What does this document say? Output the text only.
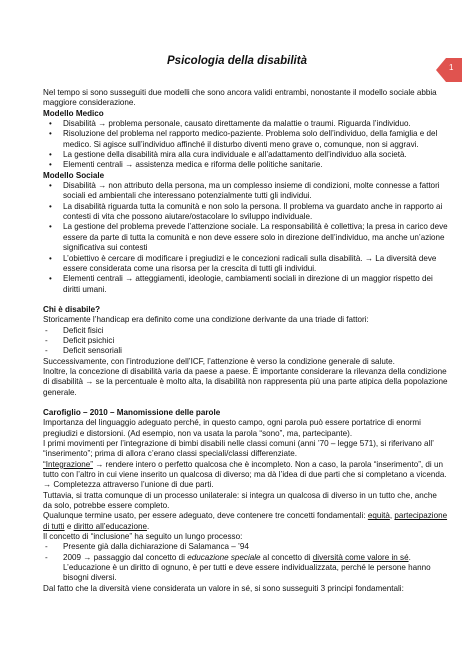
1
Psicologia della disabilità

Nel tempo si sono susseguiti due modelli che sono ancora validi entrambi, nonostante il modello sociale abbia maggiore considerazione.

Modello Medico

• Disabilità → problema personale, causato direttamente da malattie o traumi. Riguarda l’individuo.
• Risoluzione del problema nel rapporto medico-paziente. Problema solo dell’individuo, della famiglia e del medico. Si agisce sull’individuo affinché il disturbo diventi meno grave o, comunque, non si aggravi.
• La gestione della disabilità mira alla cura individuale e all’adattamento dell’individuo alla società.
• Elementi centrali → assistenza medica e riforma delle politiche sanitarie.

Modello Sociale

• Disabilità → non attributo della persona, ma un complesso insieme di condizioni, molte connesse a fattori sociali ed ambientali che interessano potenzialmente tutti gli individui.
• La disabilità riguarda tutta la comunità e non solo la persona. Il problema va guardato anche in rapporto ai contesti di vita che possono aiutare/ostacolare lo sviluppo individuale.
• La gestione del problema prevede l’attenzione sociale. La responsabilità è collettiva; la presa in carico deve essere da parte di tutta la comunità e non deve essere solo in direzione dell’individuo, ma anche un’azione significativa sui contesti
• L’obiettivo è cercare di modificare i pregiudizi e le concezioni radicali sulla disabilità. → La diversità deve essere considerata come una risorsa per la crescita di tutti gli individui.
• Elementi centrali → atteggiamenti, ideologie, cambiamenti sociali in direzione di un maggior rispetto dei diritti umani.

Chi è disabile?

Storicamente l’handicap era definito come una condizione derivante da una triade di fattori:

- Deficit fisici
- Deficit psichici
- Deficit sensoriali

Successivamente, con l’introduzione dell’ICF, l’attenzione è verso la condizione generale di salute.

Inoltre, la concezione di disabilità varia da paese a paese. È importante considerare la rilevanza della condizione di disabilità → se la percentuale è molto alta, la disabilità non rappresenta più una parte atipica della popolazione generale.

Carofiglio – 2010 – Manomissione delle parole

Importanza del linguaggio adeguato perché, in questo campo, ogni parola può essere portatrice di enormi pregiudizi e distorsioni. (Ad esempio, non va usata la parola “sono”, ma, partecipante).

I primi movimenti per l’integrazione di bimbi disabili nelle classi comuni (anni ’70 – legge 571), si riferivano all’ “inserimento”; prima di allora c’erano classi speciali/classi differenziate.

“Integrazione” → rendere intero o perfetto qualcosa che è incompleto. Non a caso, la parola “inserimento”, di un tutto con l’altro in cui viene inserito un qualcosa di diverso; ma dà l’idea di due parti che si completano a vicenda. → Completezza attraverso l’unione di due parti.

Tuttavia, si tratta comunque di un processo unilaterale: si integra un qualcosa di diverso in un tutto che, anche da solo, potrebbe essere completo.

Qualunque termine usato, per essere adeguato, deve contenere tre concetti fondamentali: equità, partecipazione di tutti e diritto all’educazione.

Il concetto di “inclusione” ha seguito un lungo processo:

- Presente già dalla dichiarazione di Salamanca – ’94
- 2009 → passaggio dal concetto di educazione speciale al concetto di diversità come valore in sé. L’educazione è un diritto di ognuno, è per tutti e deve essere individualizzata, perché le persone hanno bisogni diversi.

Dal fatto che la diversità viene considerata un valore in sé, si sono susseguiti 3 principi fondamentali:
